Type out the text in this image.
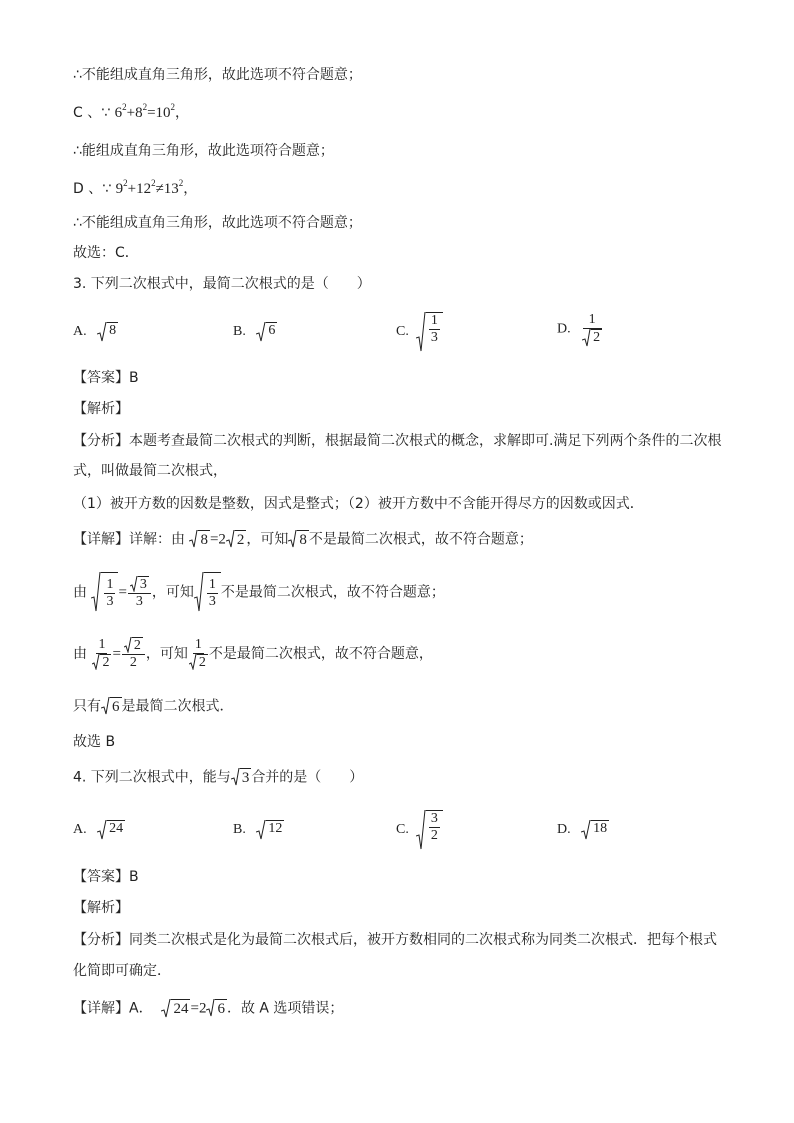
∴不能组成直角三角形，故此选项不符合题意；
C 、∵ $6^2+8^2=10^2$，
∴能组成直角三角形，故此选项符合题意；
D 、∵ $9^2+12^2\ne 13^2$，
∴不能组成直角三角形，故此选项不符合题意；
故选：C．
3. 下列二次根式中，最简二次根式的是（　　）
A. 8	B. 6	C. $\frac{1}{3}$	D. $\frac{1}{2}$
【答案】B
【解析】
【分析】本题考查最简二次根式的判断，根据最简二次根式的概念，求解即可.满足下列两个条件的二次根
式，叫做最简二次根式，
（1）被开方数的因数是整数，因式是整式；（2）被开方数中不含能开得尽方的因数或因式．
【详解】详解：由 8 =2 2 ，可知 8 不是最简二次根式，故不符合题意；
由 $\frac{1}{3} = \frac{3}{3}$ ，可知 $\frac{1}{3}$ 不是最简二次根式，故不符合题意；
由 $\frac{1}{2} = \frac{2}{2}$ ，可知 $\frac{1}{2}$ 不是最简二次根式，故不符合题意，
只有 6 是最简二次根式．
故选 B
4. 下列二次根式中，能与 3 合并的是（　　）
A. 24	B. 12	C. $\frac{3}{2}$	D. 18
【答案】B
【解析】
【分析】同类二次根式是化为最简二次根式后，被开方数相同的二次根式称为同类二次根式．把每个根式
化简即可确定．
【详解】A． 24 =2 6 ．故 A 选项错误；
